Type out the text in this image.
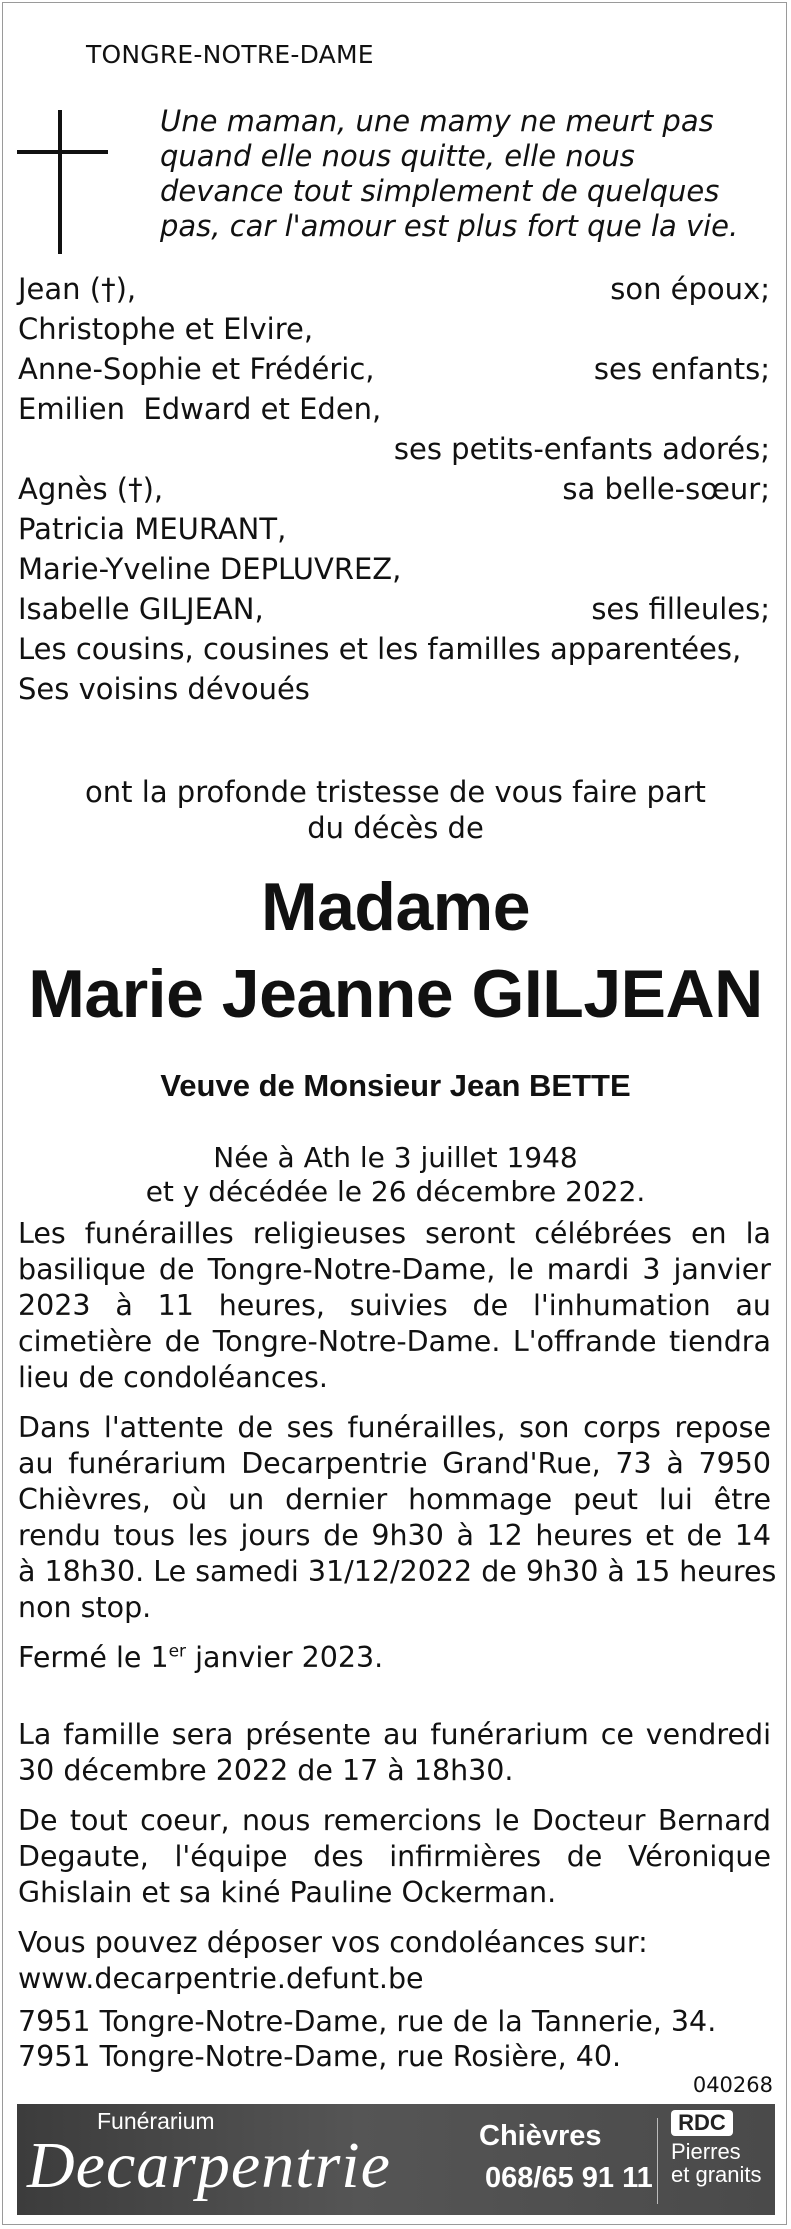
TONGRE-NOTRE-DAME
Une maman, une mamy ne meurt pas
quand elle nous quitte, elle nous
devance tout simplement de quelques
pas, car l'amour est plus fort que la vie.
Jean (†),	son époux;
Christophe et Elvire,
Anne-Sophie et Frédéric,	ses enfants;
Emilien  Edward et Eden,
ses petits-enfants adorés;
Agnès (†),	sa belle-sœur;
Patricia MEURANT,
Marie-Yveline DEPLUVREZ,
Isabelle GILJEAN,	ses filleules;
Les cousins, cousines et les familles apparentées,
Ses voisins dévoués
ont la profonde tristesse de vous faire part
du décès de
Madame
Marie Jeanne GILJEAN
Veuve de Monsieur Jean BETTE
Née à Ath le 3 juillet 1948
et y décédée le 26 décembre 2022.
Les funérailles religieuses seront célébrées en la
basilique de Tongre-Notre-Dame, le mardi 3 janvier
2023 à 11 heures, suivies de l'inhumation au
cimetière de Tongre-Notre-Dame. L'offrande tiendra
lieu de condoléances.
Dans l'attente de ses funérailles, son corps repose
au funérarium Decarpentrie Grand'Rue, 73 à 7950
Chièvres, où un dernier hommage peut lui être
rendu tous les jours de 9h30 à 12 heures et de 14
à 18h30. Le samedi 31/12/2022 de 9h30 à 15 heures
non stop.
Fermé le 1er janvier 2023.
La famille sera présente au funérarium ce vendredi
30 décembre 2022 de 17 à 18h30.
De tout coeur, nous remercions le Docteur Bernard
Degaute, l'équipe des infirmières de Véronique
Ghislain et sa kiné Pauline Ockerman.
Vous pouvez déposer vos condoléances sur:
www.decarpentrie.defunt.be
7951 Tongre-Notre-Dame, rue de la Tannerie, 34.
7951 Tongre-Notre-Dame, rue Rosière, 40.
040268
Funérarium
Decarpentrie	Chièvres
068/65 91 11
RDC
Pierres
et granits
